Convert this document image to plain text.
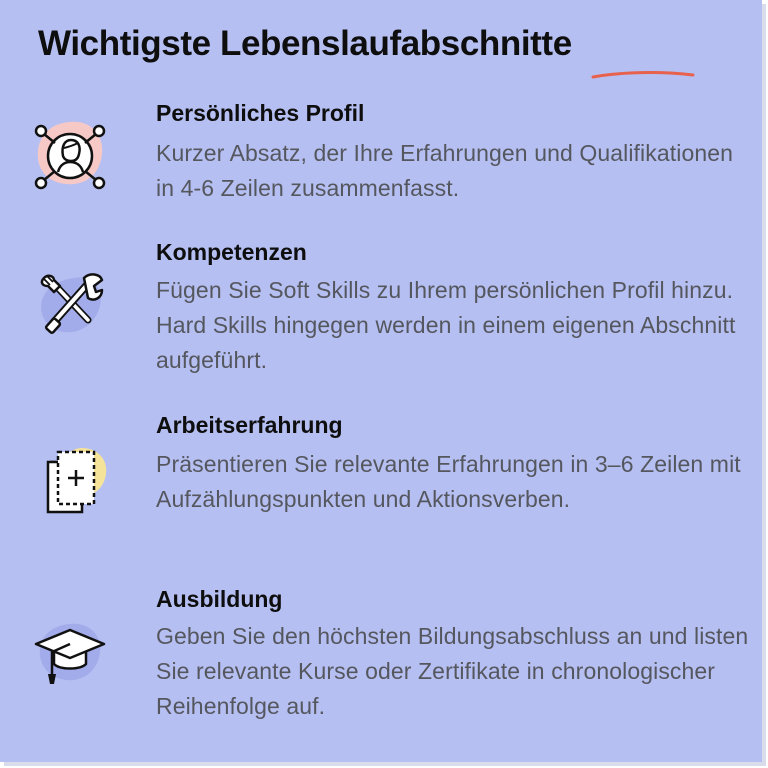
Wichtigste Lebenslaufabschnitte
Persönliches Profil

Kurzer Absatz, der Ihre Erfahrungen und Qualifikationen in 4-6 Zeilen zusammenfasst.

Kompetenzen

Fügen Sie Soft Skills zu Ihrem persönlichen Profil hinzu. Hard Skills hingegen werden in einem eigenen Abschnitt aufgeführt.

Arbeitserfahrung

Präsentieren Sie relevante Erfahrungen in 3–6 Zeilen mit Aufzählungspunkten und Aktionsverben.

Ausbildung

Geben Sie den höchsten Bildungsabschluss an und listen Sie relevante Kurse oder Zertifikate in chronologischer Reihenfolge auf.
